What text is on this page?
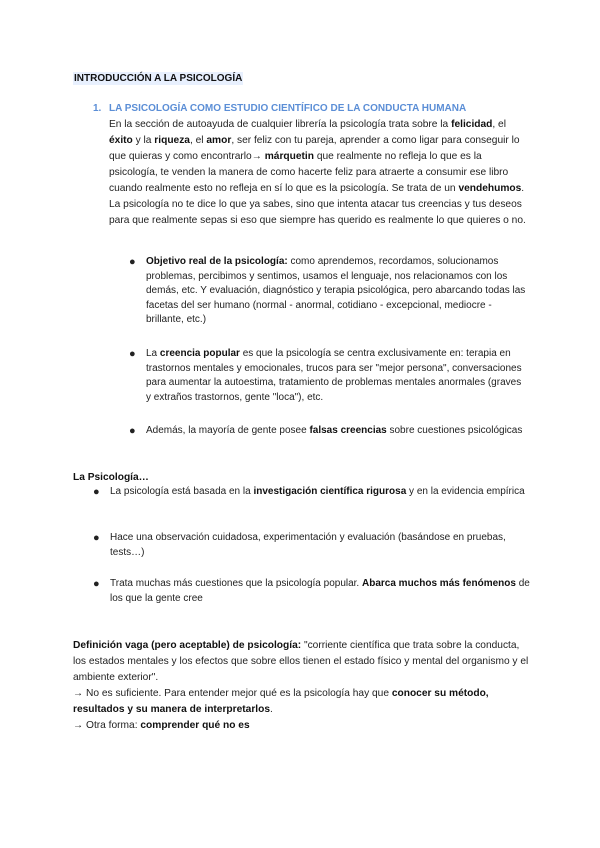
INTRODUCCIÓN A LA PSICOLOGÍA
1. LA PSICOLOGÍA COMO ESTUDIO CIENTÍFICO DE LA CONDUCTA HUMANA
En la sección de autoayuda de cualquier librería la psicología trata sobre la felicidad, el éxito y la riqueza, el amor, ser feliz con tu pareja, aprender a como ligar para conseguir lo que quieras y como encontrarlo→ márquetin que realmente no refleja lo que es la psicología, te venden la manera de como hacerte feliz para atraerte a consumir ese libro cuando realmente esto no refleja en sí lo que es la psicología. Se trata de un vendehumos. La psicología no te dice lo que ya sabes, sino que intenta atacar tus creencias y tus deseos para que realmente sepas si eso que siempre has querido es realmente lo que quieres o no.
● Objetivo real de la psicología: como aprendemos, recordamos, solucionamos problemas, percibimos y sentimos, usamos el lenguaje, nos relacionamos con los demás, etc. Y evaluación, diagnóstico y terapia psicológica, pero abarcando todas las facetas del ser humano (normal - anormal, cotidiano - excepcional, mediocre - brillante, etc.)
● La creencia popular es que la psicología se centra exclusivamente en: terapia en trastornos mentales y emocionales, trucos para ser "mejor persona", conversaciones para aumentar la autoestima, tratamiento de problemas mentales anormales (graves y extraños trastornos, gente "loca"), etc.
● Además, la mayoría de gente posee falsas creencias sobre cuestiones psicológicas
La Psicología…
● La psicología está basada en la investigación científica rigurosa y en la evidencia empírica
● Hace una observación cuidadosa, experimentación y evaluación (basándose en pruebas, tests…)
● Trata muchas más cuestiones que la psicología popular. Abarca muchos más fenómenos de los que la gente cree
Definición vaga (pero aceptable) de psicología: "corriente científica que trata sobre la conducta, los estados mentales y los efectos que sobre ellos tienen el estado físico y mental del organismo y el ambiente exterior".
→ No es suficiente. Para entender mejor qué es la psicología hay que conocer su método, resultados y su manera de interpretarlos.
→ Otra forma: comprender qué no es
